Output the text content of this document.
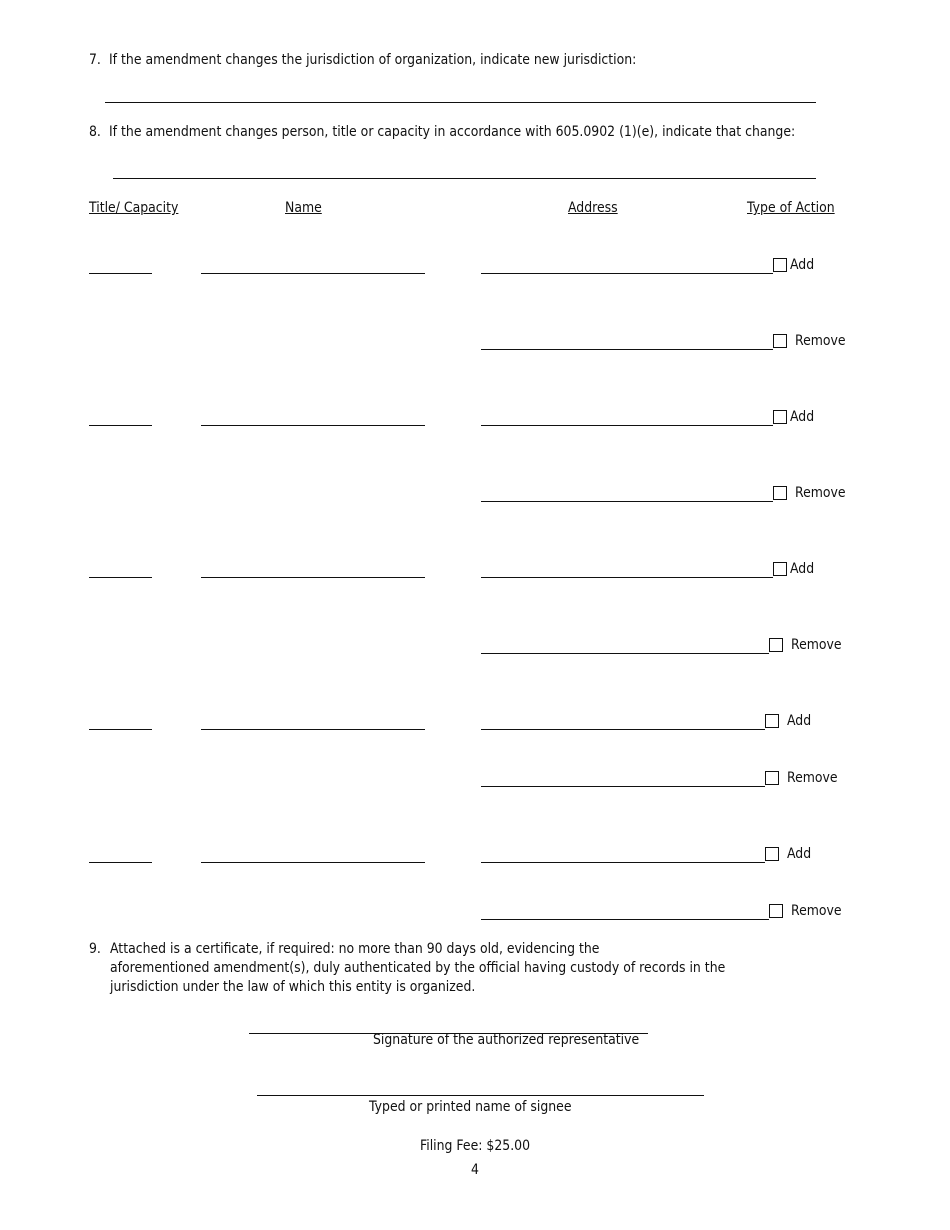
7. If the amendment changes the jurisdiction of organization, indicate new jurisdiction:
8. If the amendment changes person, title or capacity in accordance with 605.0902 (1)(e), indicate that change:
Title/ Capacity	Name	Address	Type of Action
Add
Remove
Add
Remove
Add
Remove
Add
Remove
Add
Remove
9. Attached is a certificate, if required: no more than 90 days old, evidencing the
aforementioned amendment(s), duly authenticated by the official having custody of records in the
jurisdiction under the law of which this entity is organized.
Signature of the authorized representative
Typed or printed name of signee
Filing Fee: $25.00
4
